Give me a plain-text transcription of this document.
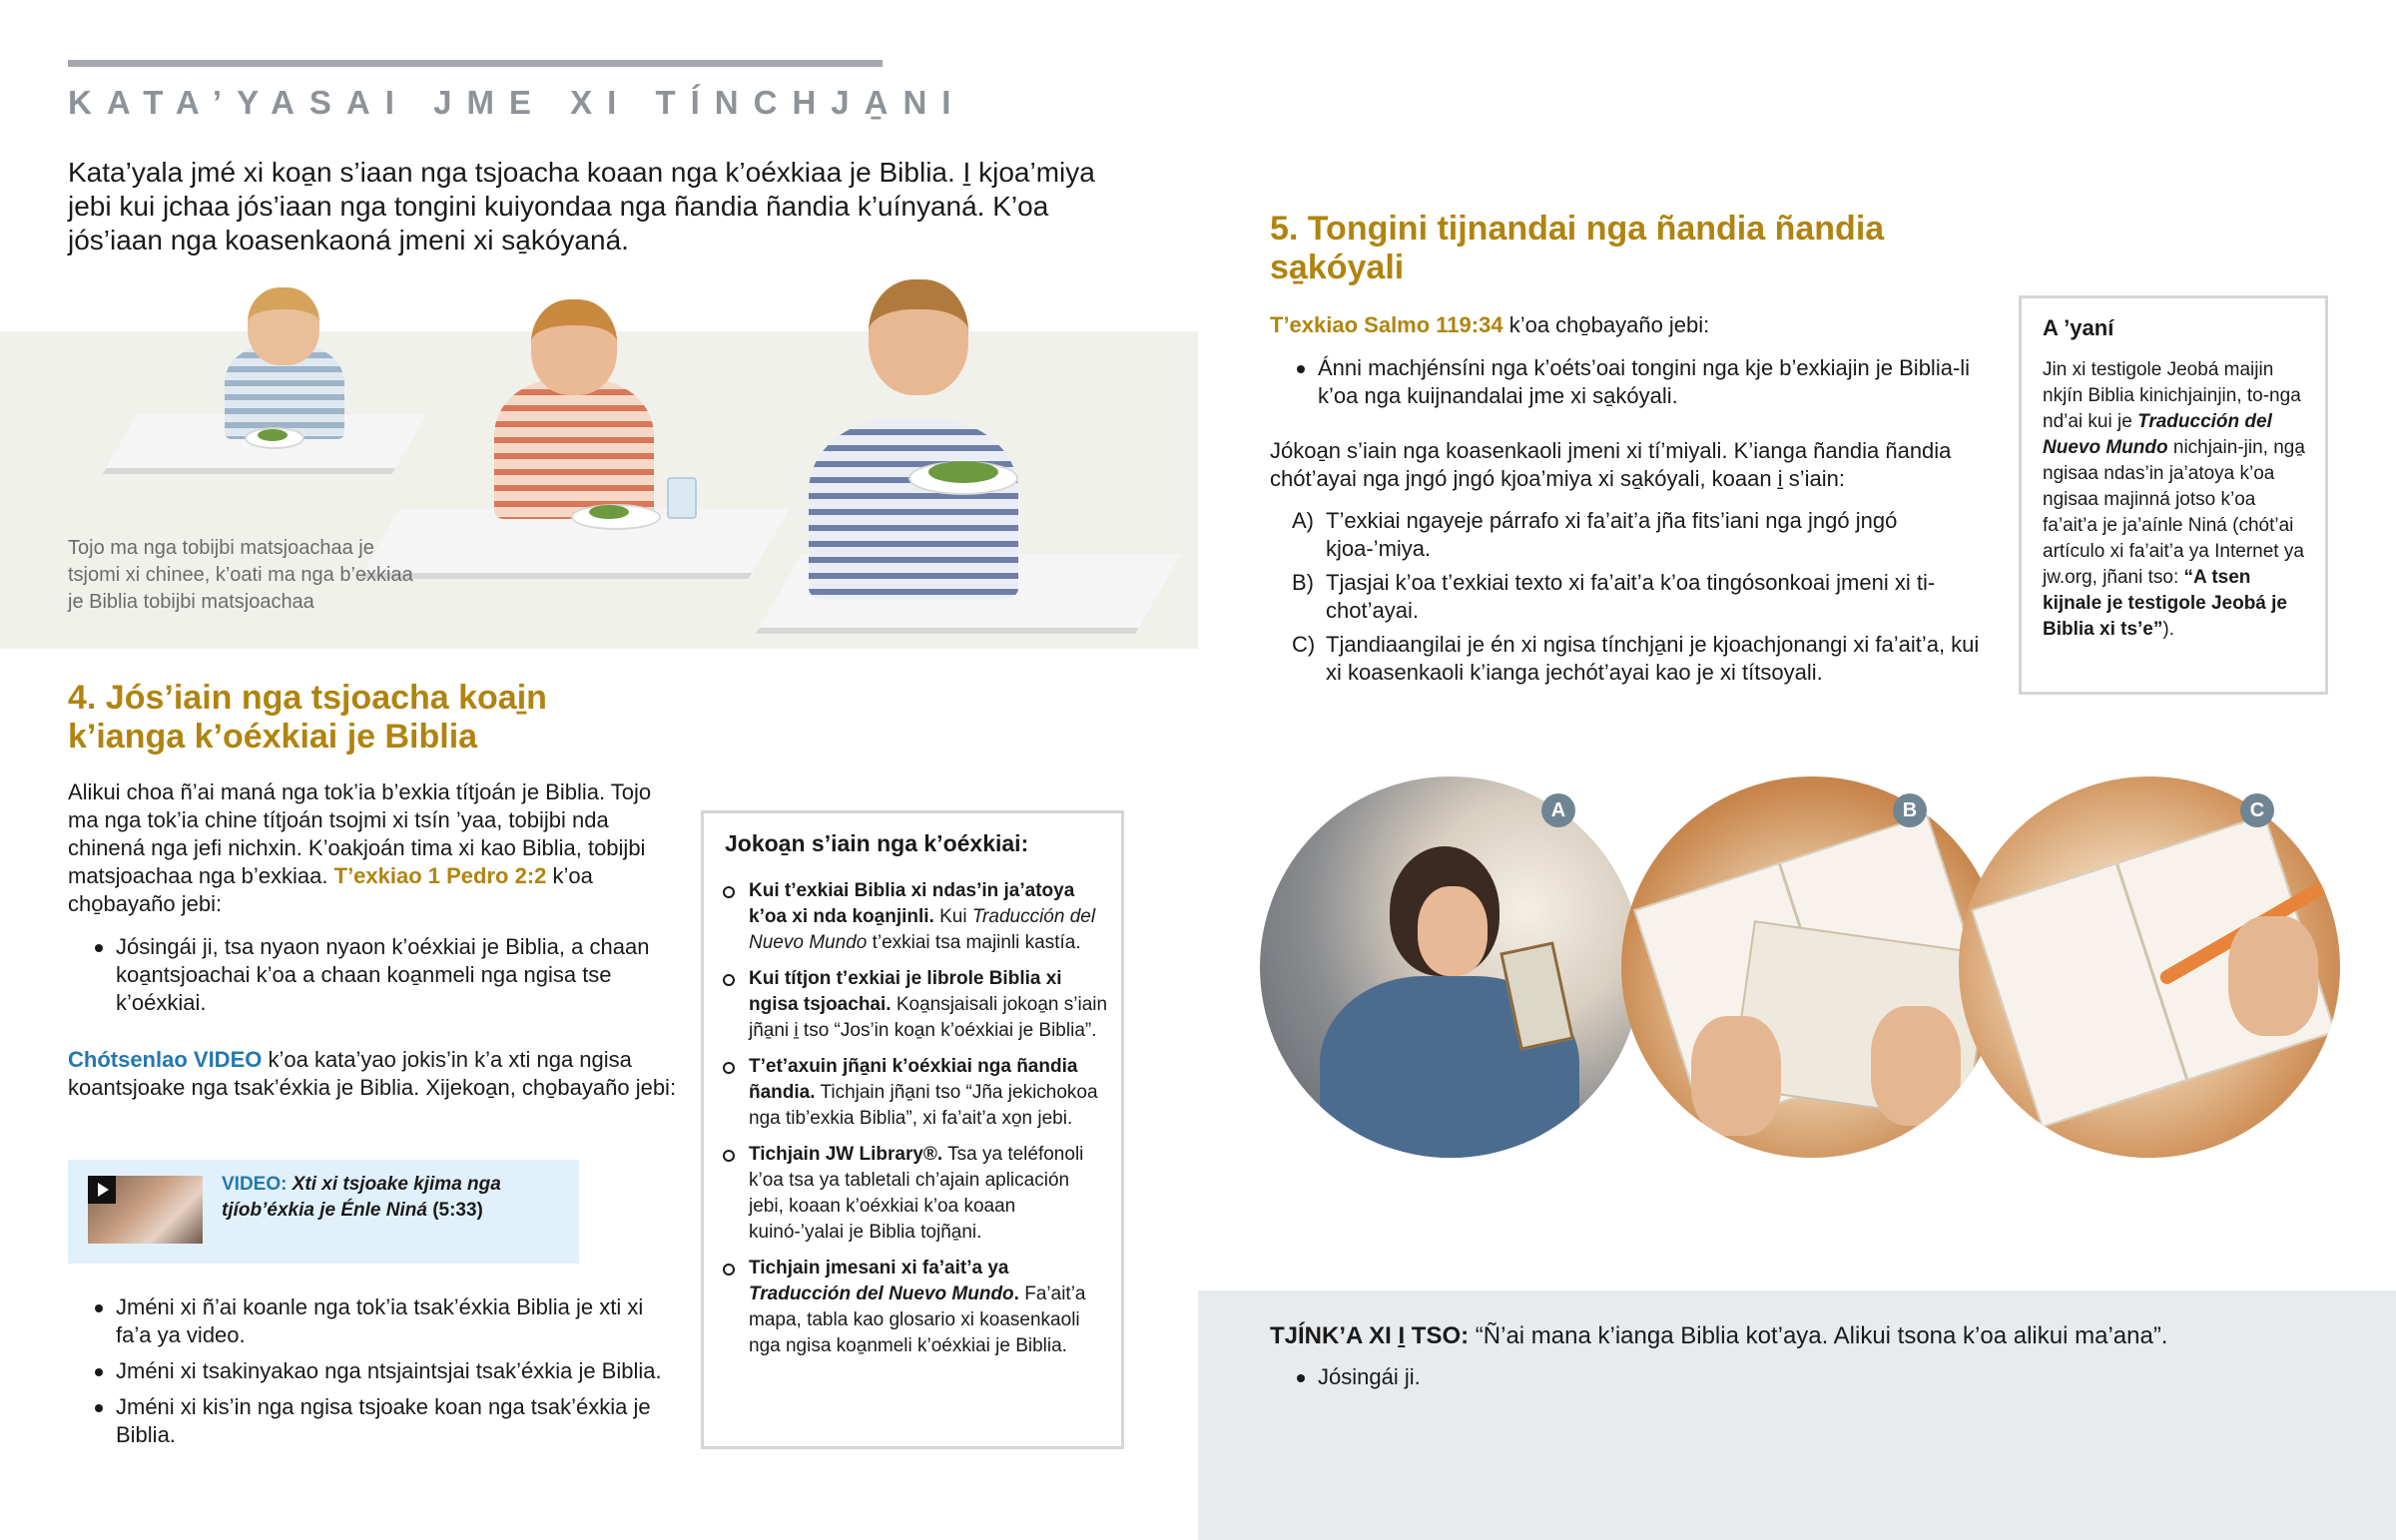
KATA’YASAI JME XI TÍNCHJA̱NI

Kata’yala jmé xi koa̱n s’iaan nga tsjoacha koaan nga k’oéxkiaa je Biblia. I̱ kjoa’miya jebi kui jchaa jós’iaan nga tongini kuiyondaa nga ñandia ñandia k’uínyaná. K’oa jós’iaan nga koasenkaoná jmeni xi sa̱kóyaná.

Tojo ma nga tobijbi matsjoachaa je tsjomi xi chinee, k’oati ma nga b’exkiaa je Biblia tobijbi matsjoachaa

4. Jós’iain nga tsjoacha koai̱n k’ianga k’oéxkiai je Biblia

Alikui choa ñ’ai maná nga tok’ia b’exkia títjoán je Biblia. Tojo ma nga tok’ia chine títjoán tsojmi xi tsín ’yaa, tobijbi nda chinená nga jefi nichxin. K’oakjoán tima xi kao Biblia, tobijbi matsjoachaa nga b’exkiaa. T’exkiao 1 Pedro 2:2 k’oa cho̱bayaño jebi:

Jósingái ji, tsa nyaon nyaon k’oéxkiai je Biblia, a chaan koa̱ntsjoachai k’oa a chaan koa̱nmeli nga ngisa tse k’oéxkiai.

Chótsenlao VIDEO k’oa kata’yao jokis’in k’a xti nga ngisa koantsjoake nga tsak’éxkia je Biblia. Xijekoa̱n, cho̱bayaño jebi:

VIDEO: Xti xi tsjoake kjima nga tjíob’éxkia je Énle Niná (5:33)
Jméni xi ñ’ai koanle nga tok’ia tsak’éxkia Biblia je xti xi fa’a ya video.
Jméni xi tsakinyakao nga ntsjaintsjai tsak’éxkia je Biblia.
Jméni xi kis’in nga ngisa tsjoake koan nga tsak’éxkia je Biblia.
Jokoa̱n s’iain nga k’oéxkiai:
Kui t’exkiai Biblia xi ndas’in ja’atoya k’oa xi nda koa̱njinli. Kui Traducción del Nuevo Mundo t’exkiai tsa majinli kastía.
Kui títjon t’exkiai je librole Biblia xi ngisa tsjoachai. Koa̱nsjaisali jokoa̱n s’iain jña̱ni i̱ tso “Jos’in koa̱n k’oéxkiai je Biblia”.
T’et’axuin jña̱ni k’oéxkiai nga ñandia ñandia. Tichjain jña̱ni tso “Jña jekichokoa nga tib’exkia Biblia”, xi fa’ait’a xo̱n jebi.
Tichjain JW Library®. Tsa ya teléfonoli k’oa tsa ya tabletali ch’ajain aplicación jebi, koaan k’oéxkiai k’oa koaan kuinó-’yalai je Biblia tojña̱ni.
Tichjain jmesani xi fa’ait’a ya Traducción del Nuevo Mundo. Fa’ait’a mapa, tabla kao glosario xi koasenkaoli nga ngisa koa̱nmeli k’oéxkiai je Biblia.
5. Tongini tijnandai nga ñandia ñandia sa̱kóyali

T’exkiao Salmo 119:34 k’oa cho̱bayaño jebi:

Ánni machjénsíni nga k’oéts’oai tongini nga kje b’exkiajin je Biblia-li k’oa nga kuijnandalai jme xi sa̱kóyali.

Jókoa̱n s’iain nga koasenkaoli jmeni xi tí’miyali. K’ianga ñandia ñandia chót’ayai nga jngó jngó kjoa’miya xi sa̱kóyali, koaan i̱ s’iain:

A) T’exkiai ngayeje párrafo xi fa’ait’a jña fits’iani nga jngó jngó kjoa-’miya.
B) Tjasjai k’oa t’exkiai texto xi fa’ait’a k’oa tingósonkoai jmeni xi ti-chot’ayai.
C) Tjandiaangilai je én xi ngisa tínchja̱ni je kjoachjonangi xi fa’ait’a, kui xi koasenkaoli k’ianga jechót’ayai kao je xi títsoyali.
A ’yaní

Jin xi testigole Jeobá maijin nkjín Biblia kinichjainjin, to-nga nd’ai kui je Traducción del Nuevo Mundo nichjain-jin, nga̱ ngisaa ndas’in ja’atoya k’oa ngisaa majinná jotso k’oa fa’ait’a je ja’aínle Niná (chót’ai artículo xi fa’ait’a ya Internet ya jw.org, jñani tso: “A tsen kijnale je testigole Jeobá je Biblia xi ts’e”).

A	B	C

TJÍNK’A XI I̱ TSO: “Ñ’ai mana k’ianga Biblia kot’aya. Alikui tsona k’oa alikui ma’ana”.

Jósingái ji.
